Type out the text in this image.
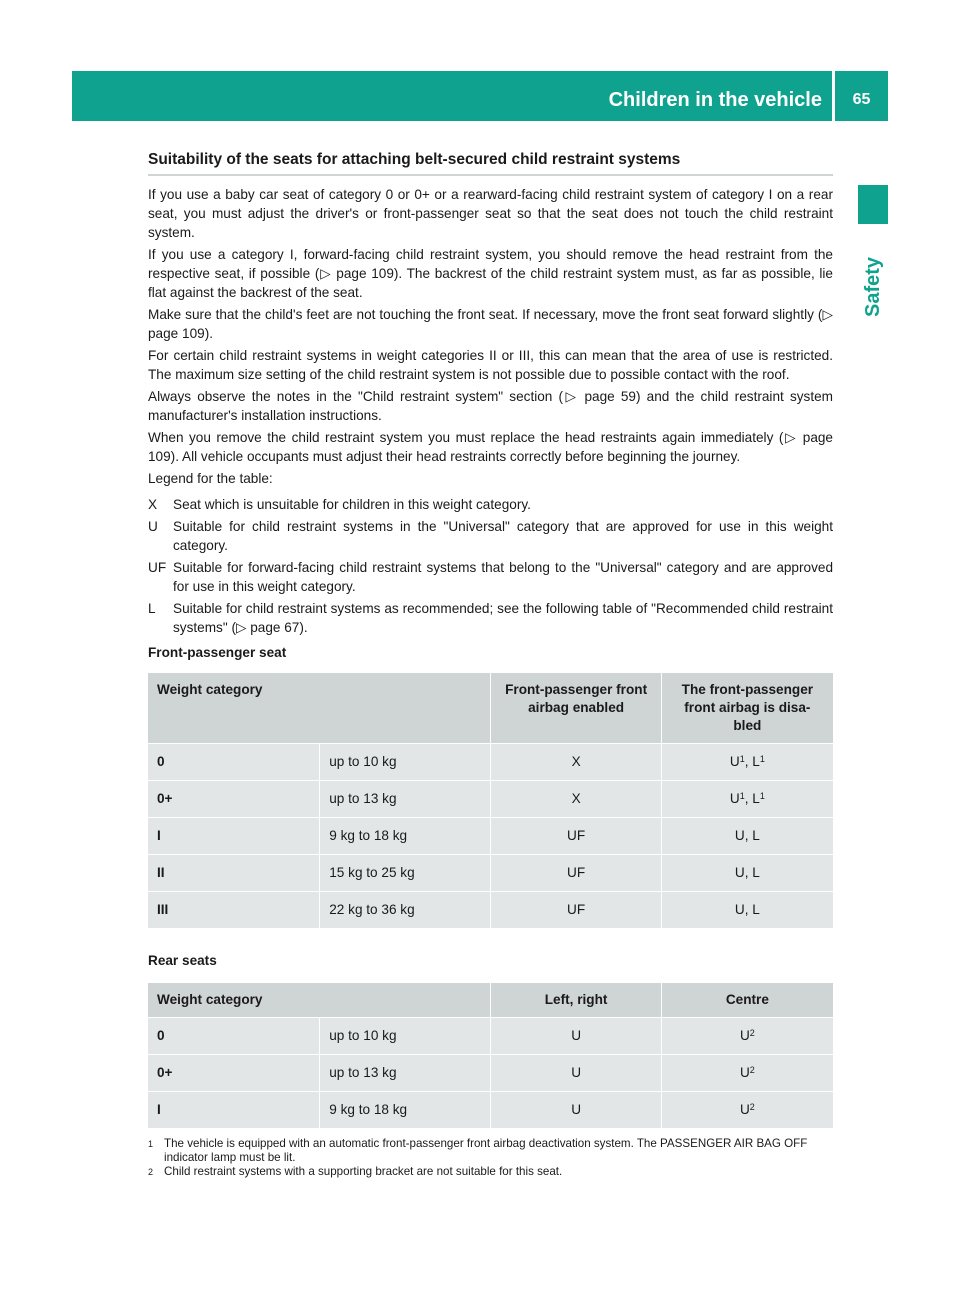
Children in the vehicle	65
Safety
Suitability of the seats for attaching belt-secured child restraint systems

If you use a baby car seat of category 0 or 0+ or a rearward-facing child restraint system of category I on a rear seat, you must adjust the driver's or front-passenger seat so that the seat does not touch the child restraint system.

If you use a category I, forward-facing child restraint system, you should remove the head restraint from the respective seat, if possible (▷ page 109). The backrest of the child restraint system must, as far as possible, lie flat against the backrest of the seat.

Make sure that the child's feet are not touching the front seat. If necessary, move the front seat forward slightly (▷ page 109).

For certain child restraint systems in weight categories II or III, this can mean that the area of use is restricted. The maximum size setting of the child restraint system is not possible due to possible contact with the roof.

Always observe the notes in the "Child restraint system" section (▷ page 59) and the child restraint system manufacturer's installation instructions.

When you remove the child restraint system you must replace the head restraints again immediately (▷ page 109). All vehicle occupants must adjust their head restraints correctly before beginning the journey.

Legend for the table:

X	Seat which is unsuitable for children in this weight category.
U	Suitable for child restraint systems in the "Universal" category that are approved for use in this weight category.
UF Suitable for forward-facing child restraint systems that belong to the "Universal" category and are approved for use in this weight category.
L	Suitable for child restraint systems as recommended; see the following table of "Recommended child restraint systems" (▷ page 67).
Front-passenger seat
Weight category		Front-passenger front airbag enabled	The front-passenger front airbag is disa-bled
0	up to 10 kg	X	$U^1$, $L^1$
0+	up to 13 kg	X	$U^1$, $L^1$
I	9 kg to 18 kg	UF	U, L
II	15 kg to 25 kg	UF	U, L
III	22 kg to 36 kg	UF	U, L
Rear seats
Weight category		Left, right	Centre
0	up to 10 kg	U	$U^2$
0+	up to 13 kg	U	$U^2$
I	9 kg to 18 kg	U	$U^2$
1 The vehicle is equipped with an automatic front-passenger front airbag deactivation system. The PASSENGER AIR BAG OFF indicator lamp must be lit.
2 Child restraint systems with a supporting bracket are not suitable for this seat.
